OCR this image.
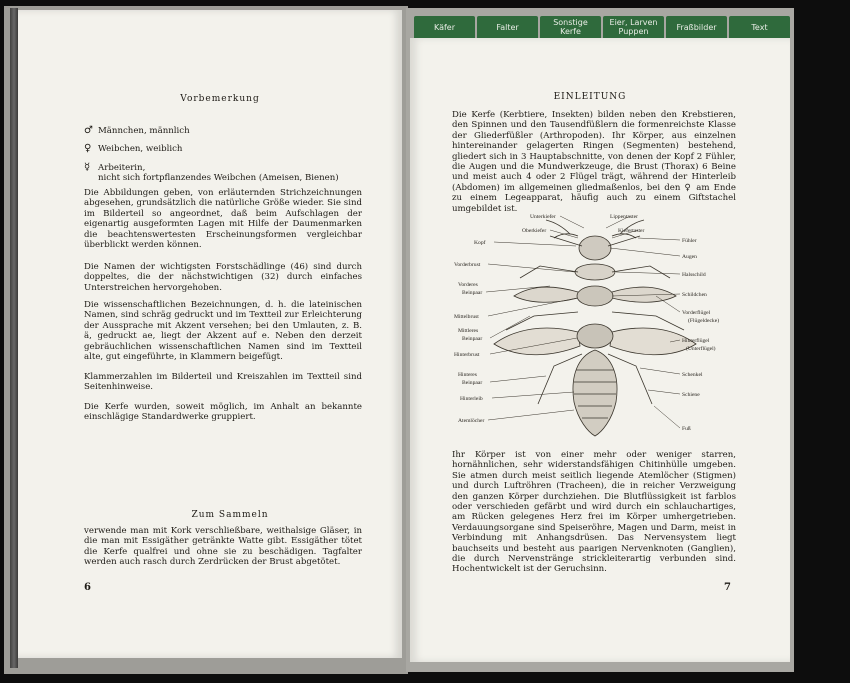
Käfer	Falter	Sonstige
Kerfe
Eier, Larven
Puppen	Fraßbilder	Text
Vorbemerkung
♂ Männchen, männlich
♀ Weibchen, weiblich
☿ Arbeiterin,
nicht sich fortpflanzendes Weibchen (Ameisen, Bienen)
Die Abbildungen geben, von erläuternden Strichzeichnungen abgesehen, grundsätzlich die natürliche Größe wieder. Sie sind im Bilderteil so angeordnet, daß beim Aufschlagen der eigenartig ausgeformten Lagen mit Hilfe der Daumenmarken die beachtenswertesten Erscheinungsformen vergleichbar überblickt werden können.
Die Namen der wichtigsten Forstschädlinge (46) sind durch doppeltes, die der nächstwichtigen (32) durch einfaches Unterstreichen hervorgehoben.
Die wissenschaftlichen Bezeichnungen, d. h. die lateinischen Namen, sind schräg gedruckt und im Textteil zur Erleichterung der Aussprache mit Akzent versehen; bei den Umlauten, z. B. ä, gedruckt ae, liegt der Akzent auf e. Neben den derzeit gebräuchlichen wissenschaftlichen Namen sind im Textteil alte, gut eingeführte, in Klammern beigefügt.
Klammerzahlen im Bilderteil und Kreiszahlen im Textteil sind Seitenhinweise.
Die Kerfe wurden, soweit möglich, im Anhalt an bekannte einschlägige Standardwerke gruppiert.
Zum Sammeln
verwende man mit Kork verschließbare, weithalsige Gläser, in die man mit Essigäther getränkte Watte gibt. Essigäther tötet die Kerfe qualfrei und ohne sie zu beschädigen. Tagfalter werden auch rasch durch Zerdrücken der Brust abgetötet.
6
EINLEITUNG
Die Kerfe (Kerbtiere, Insekten) bilden neben den Krebstieren, den Spinnen und den Tausendfüßlern die formenreichste Klasse der Gliederfüßler (Arthropoden). Ihr Körper, aus einzelnen hintereinander gelagerten Ringen (Segmenten) bestehend, gliedert sich in 3 Hauptabschnitte, von denen der Kopf 2 Fühler, die Augen und die Mundwerkzeuge, die Brust (Thorax) 6 Beine und meist auch 4 oder 2 Flügel trägt, während der Hinterleib (Abdomen) im allgemeinen gliedmaßenlos, bei den ♀ am Ende zu einem Legeapparat, häufig auch zu einem Giftstachel umgebildet ist.
Unterkiefer
Oberkiefer
Kopf
Vorderbrust
Vorderes
Beinpaar
Mittelbrust
Mittleres
Beinpaar
Hinterbrust
Hinteres
Beinpaar
Hinterleib
Atemlöcher
Lippentaster
Kiefertaster
Fühler
Augen
Halsschild
Schildchen
Vorderflügel
(Flügeldecke)
Hinterflügel
(Unterflügel)
Schenkel
Schiene
Fuß
Ihr Körper ist von einer mehr oder weniger starren, hornähnlichen, sehr widerstandsfähigen Chitinhülle umgeben. Sie atmen durch meist seitlich liegende Atemlöcher (Stigmen) und durch Luftröhren (Tracheen), die in reicher Verzweigung den ganzen Körper durchziehen. Die Blutflüssigkeit ist farblos oder verschieden gefärbt und wird durch ein schlauchartiges, am Rücken gelegenes Herz frei im Körper umhergetrieben. Verdauungsorgane sind Speiseröhre, Magen und Darm, meist in Verbindung mit Anhangsdrüsen. Das Nervensystem liegt bauchseits und besteht aus paarigen Nervenknoten (Ganglien), die durch Nervenstränge strickleiterartig verbunden sind. Hochentwickelt ist der Geruchsinn.
7
